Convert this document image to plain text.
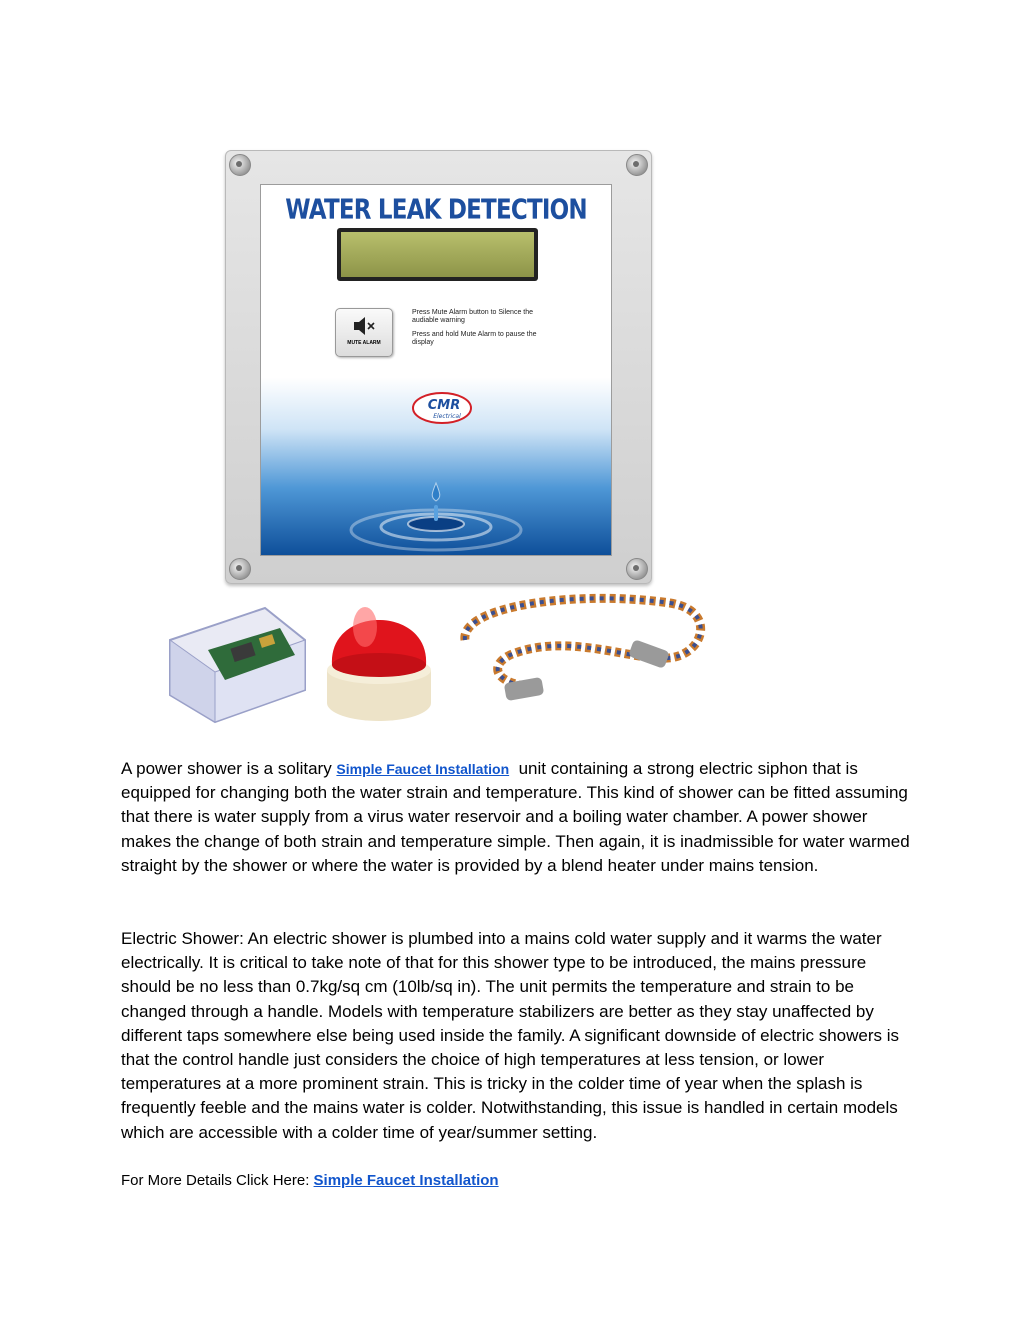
WATER LEAK DETECTION
MUTE ALARM

Press Mute Alarm button to Silence the audiable warning

Press and hold Mute Alarm to pause the display

CMR
Electrical

A power shower is a solitary Simple Faucet Installation  unit containing a strong electric siphon that is equipped for changing both the water strain and temperature. This kind of shower can be fitted assuming that there is water supply from a virus water reservoir and a boiling water chamber. A power shower makes the change of both strain and temperature simple. Then again, it is inadmissible for water warmed straight by the shower or where the water is provided by a blend heater under mains tension.

Electric Shower: An electric shower is plumbed into a mains cold water supply and it warms the water electrically. It is critical to take note of that for this shower type to be introduced, the mains pressure should be no less than 0.7kg/sq cm (10lb/sq in). The unit permits the temperature and strain to be changed through a handle. Models with temperature stabilizers are better as they stay unaffected by different taps somewhere else being used inside the family. A significant downside of electric showers is that the control handle just considers the choice of high temperatures at less tension, or lower temperatures at a more prominent strain. This is tricky in the colder time of year when the splash is frequently feeble and the mains water is colder. Notwithstanding, this issue is handled in certain models which are accessible with a colder time of year/summer setting.

For More Details Click Here: Simple Faucet Installation
